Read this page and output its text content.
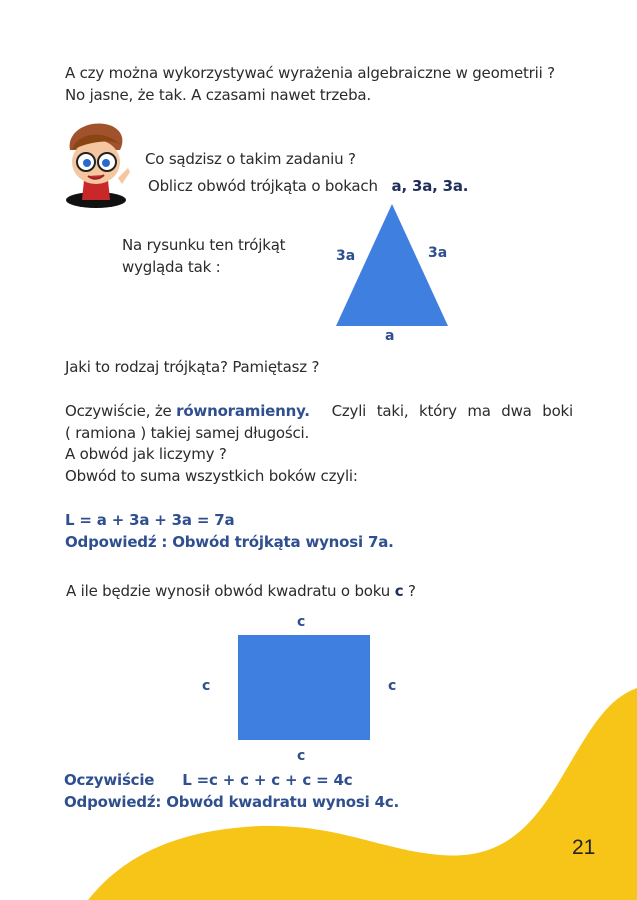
A czy można wykorzystywać wyrażenia algebraiczne w geometrii ?
No jasne, że tak. A czasami nawet trzeba.
Co sądzisz o takim zadaniu ?
Oblicz obwód trójkąta o bokach a, 3a, 3a.
Na rysunku ten trójkąt
wygląda tak :
3a	3a
a
Jaki to rodzaj trójkąta? Pamiętasz ?
Oczywiście, że równoramienny. Czyli taki, który ma dwa boki
( ramiona ) takiej samej długości.
A obwód jak liczymy ?
Obwód to suma wszystkich boków czyli:
L = a + 3a + 3a = 7a
Odpowiedź : Obwód trójkąta wynosi 7a.
A ile będzie wynosił obwód kwadratu o boku c ?
c
c	c
c
Oczywiście L =c + c + c + c = 4c
Odpowiedź: Obwód kwadratu wynosi 4c.
21
